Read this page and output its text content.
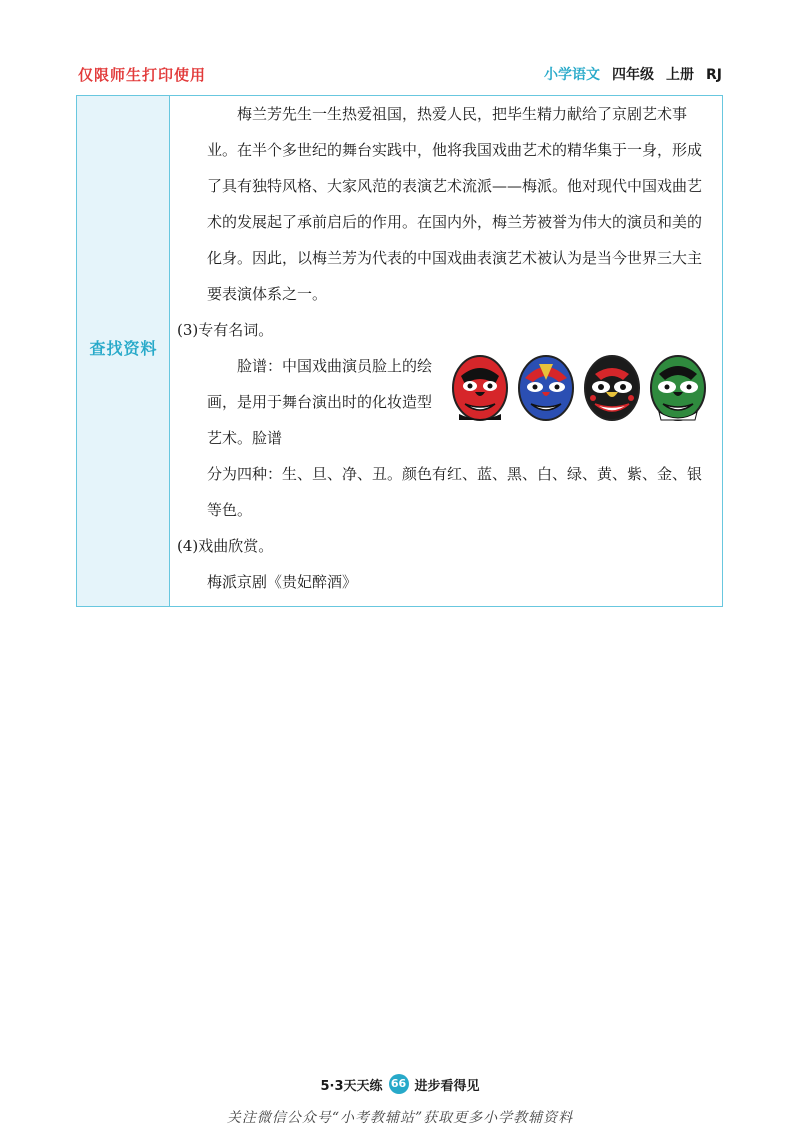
仅限师生打印使用	小学语文 四年级 上册 RJ
查找资料

梅兰芳先生一生热爱祖国，热爱人民，把毕生精力献给了京剧艺术事业。在半个多世纪的舞台实践中，他将我国戏曲艺术的精华集于一身，形成了具有独特风格、大家风范的表演艺术流派——梅派。他对现代中国戏曲艺术的发展起了承前启后的作用。在国内外，梅兰芳被誉为伟大的演员和美的化身。因此，以梅兰芳为代表的中国戏曲表演艺术被认为是当今世界三大主要表演体系之一。

(3)专有名词。

脸谱：中国戏曲演员脸上的绘画，是用于舞台演出时的化妆造型艺术。脸谱

分为四种：生、旦、净、丑。颜色有红、蓝、黑、白、绿、黄、紫、金、银等色。

(4)戏曲欣赏。

梅派京剧《贵妃醉酒》

5·3天天练 66 进步看得见
关注微信公众号“小考教辅站”获取更多小学教辅资料
